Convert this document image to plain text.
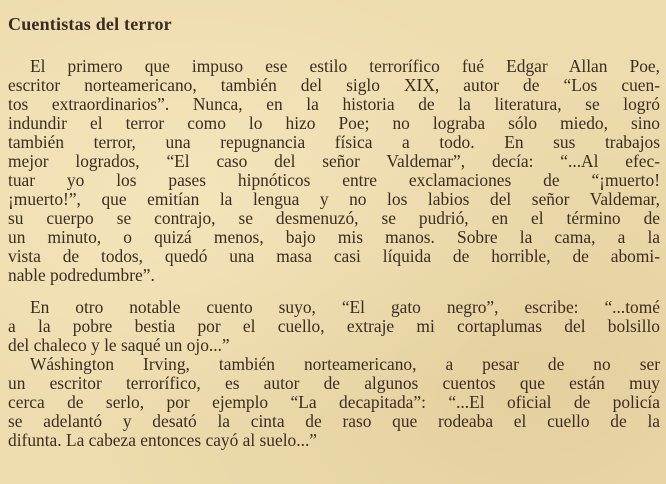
Cuentistas del terror
El primero que impuso ese estilo terrorífico fué Edgar Allan Poe,
escritor norteamericano, también del siglo XIX, autor de “Los cuen-
tos extraordinarios”. Nunca, en la historia de la literatura, se logró
indundir el terror como lo hizo Poe; no lograba sólo miedo, sino
también terror, una repugnancia física a todo. En sus trabajos
mejor logrados, “El caso del señor Valdemar”, decía: “...Al efec-
tuar yo los pases hipnóticos entre exclamaciones de “¡muerto!
¡muerto!”, que emitían la lengua y no los labios del señor Valdemar,
su cuerpo se contrajo, se desmenuzó, se pudrió, en el término de
un minuto, o quizá menos, bajo mis manos. Sobre la cama, a la
vista de todos, quedó una masa casi líquida de horrible, de abomi-
nable podredumbre”.
En otro notable cuento suyo, “El gato negro”, escribe: “...tomé
a la pobre bestia por el cuello, extraje mi cortaplumas del bolsillo
del chaleco y le saqué un ojo...”
Wáshington Irving, también norteamericano, a pesar de no ser
un escritor terrorífico, es autor de algunos cuentos que están muy
cerca de serlo, por ejemplo “La decapitada”: “...El oficial de policía
se adelantó y desató la cinta de raso que rodeaba el cuello de la
difunta. La cabeza entonces cayó al suelo...”
